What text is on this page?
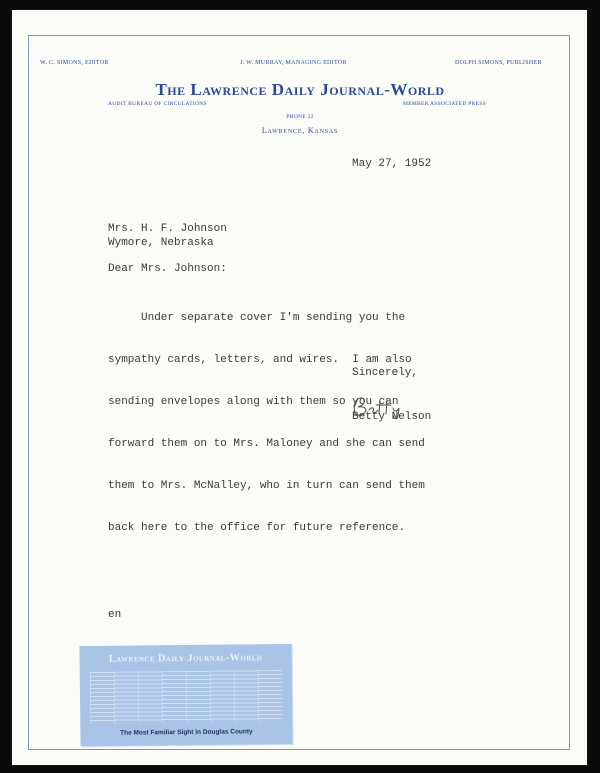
W. C. SIMONS, EDITOR	J. W. MURRAY, MANAGING EDITOR	DOLPH SIMONS, PUBLISHER
The Lawrence Daily Journal-World
AUDIT BUREAU OF CIRCULATIONS	MEMBER ASSOCIATED PRESS
PHONE 22
Lawrence, Kansas
May 27, 1952
Mrs. H. F. Johnson
Wymore, Nebraska
Dear Mrs. Johnson:

Under separate cover I'm sending you the

sympathy cards, letters, and wires.  I am also

sending envelopes along with them so you can

forward them on to Mrs. Maloney and she can send

them to Mrs. McNalley, who in turn can send them

back here to the office for future reference.

Sincerely,
Betty Nelson
en
Lawrence Daily Journal-World
The Most Familiar Sight in Douglas County
